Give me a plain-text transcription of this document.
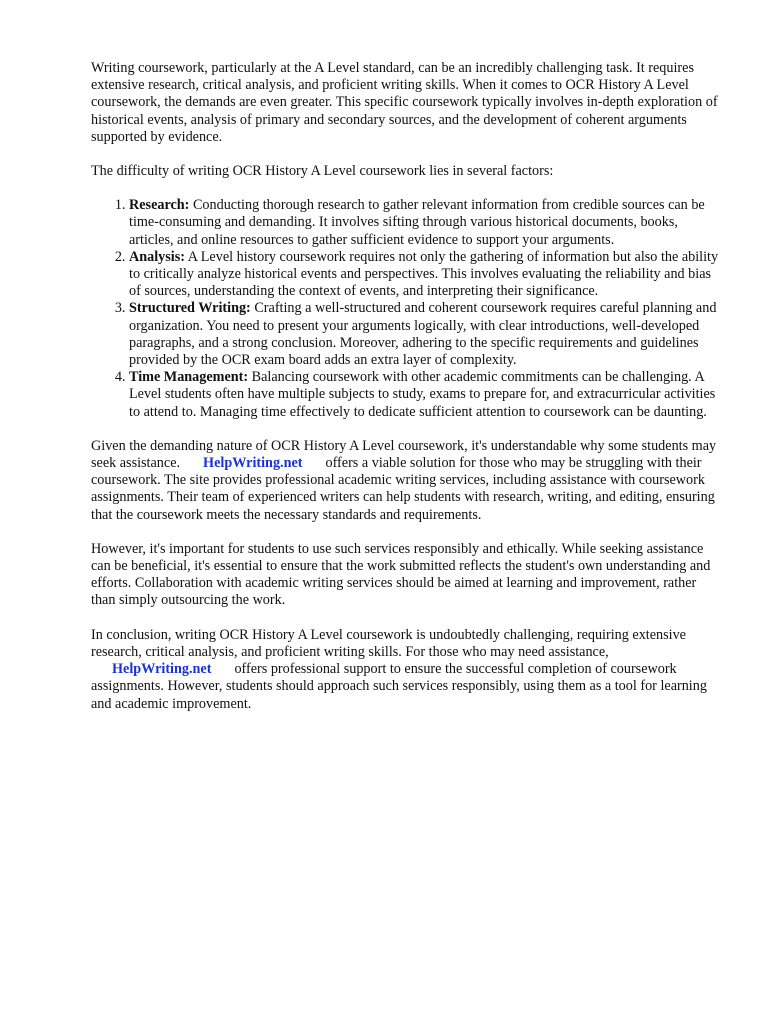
Writing coursework, particularly at the A Level standard, can be an incredibly challenging task. It requires extensive research, critical analysis, and proficient writing skills. When it comes to OCR History A Level coursework, the demands are even greater. This specific coursework typically involves in-depth exploration of historical events, analysis of primary and secondary sources, and the development of coherent arguments supported by evidence.

The difficulty of writing OCR History A Level coursework lies in several factors:

1. Research: Conducting thorough research to gather relevant information from credible sources can be time-consuming and demanding. It involves sifting through various historical documents, books, articles, and online resources to gather sufficient evidence to support your arguments.
2. Analysis: A Level history coursework requires not only the gathering of information but also the ability to critically analyze historical events and perspectives. This involves evaluating the reliability and bias of sources, understanding the context of events, and interpreting their significance.
3. Structured Writing: Crafting a well-structured and coherent coursework requires careful planning and organization. You need to present your arguments logically, with clear introductions, well-developed paragraphs, and a strong conclusion. Moreover, adhering to the specific requirements and guidelines provided by the OCR exam board adds an extra layer of complexity.
4. Time Management: Balancing coursework with other academic commitments can be challenging. A Level students often have multiple subjects to study, exams to prepare for, and extracurricular activities to attend to. Managing time effectively to dedicate sufficient attention to coursework can be daunting.

Given the demanding nature of OCR History A Level coursework, it's understandable why some students may seek assistance. HelpWriting.net offers a viable solution for those who may be struggling with their coursework. The site provides professional academic writing services, including assistance with coursework assignments. Their team of experienced writers can help students with research, writing, and editing, ensuring that the coursework meets the necessary standards and requirements.

However, it's important for students to use such services responsibly and ethically. While seeking assistance can be beneficial, it's essential to ensure that the work submitted reflects the student's own understanding and efforts. Collaboration with academic writing services should be aimed at learning and improvement, rather than simply outsourcing the work.

In conclusion, writing OCR History A Level coursework is undoubtedly challenging, requiring extensive research, critical analysis, and proficient writing skills. For those who may need assistance,
HelpWriting.net offers professional support to ensure the successful completion of coursework assignments. However, students should approach such services responsibly, using them as a tool for learning and academic improvement.
